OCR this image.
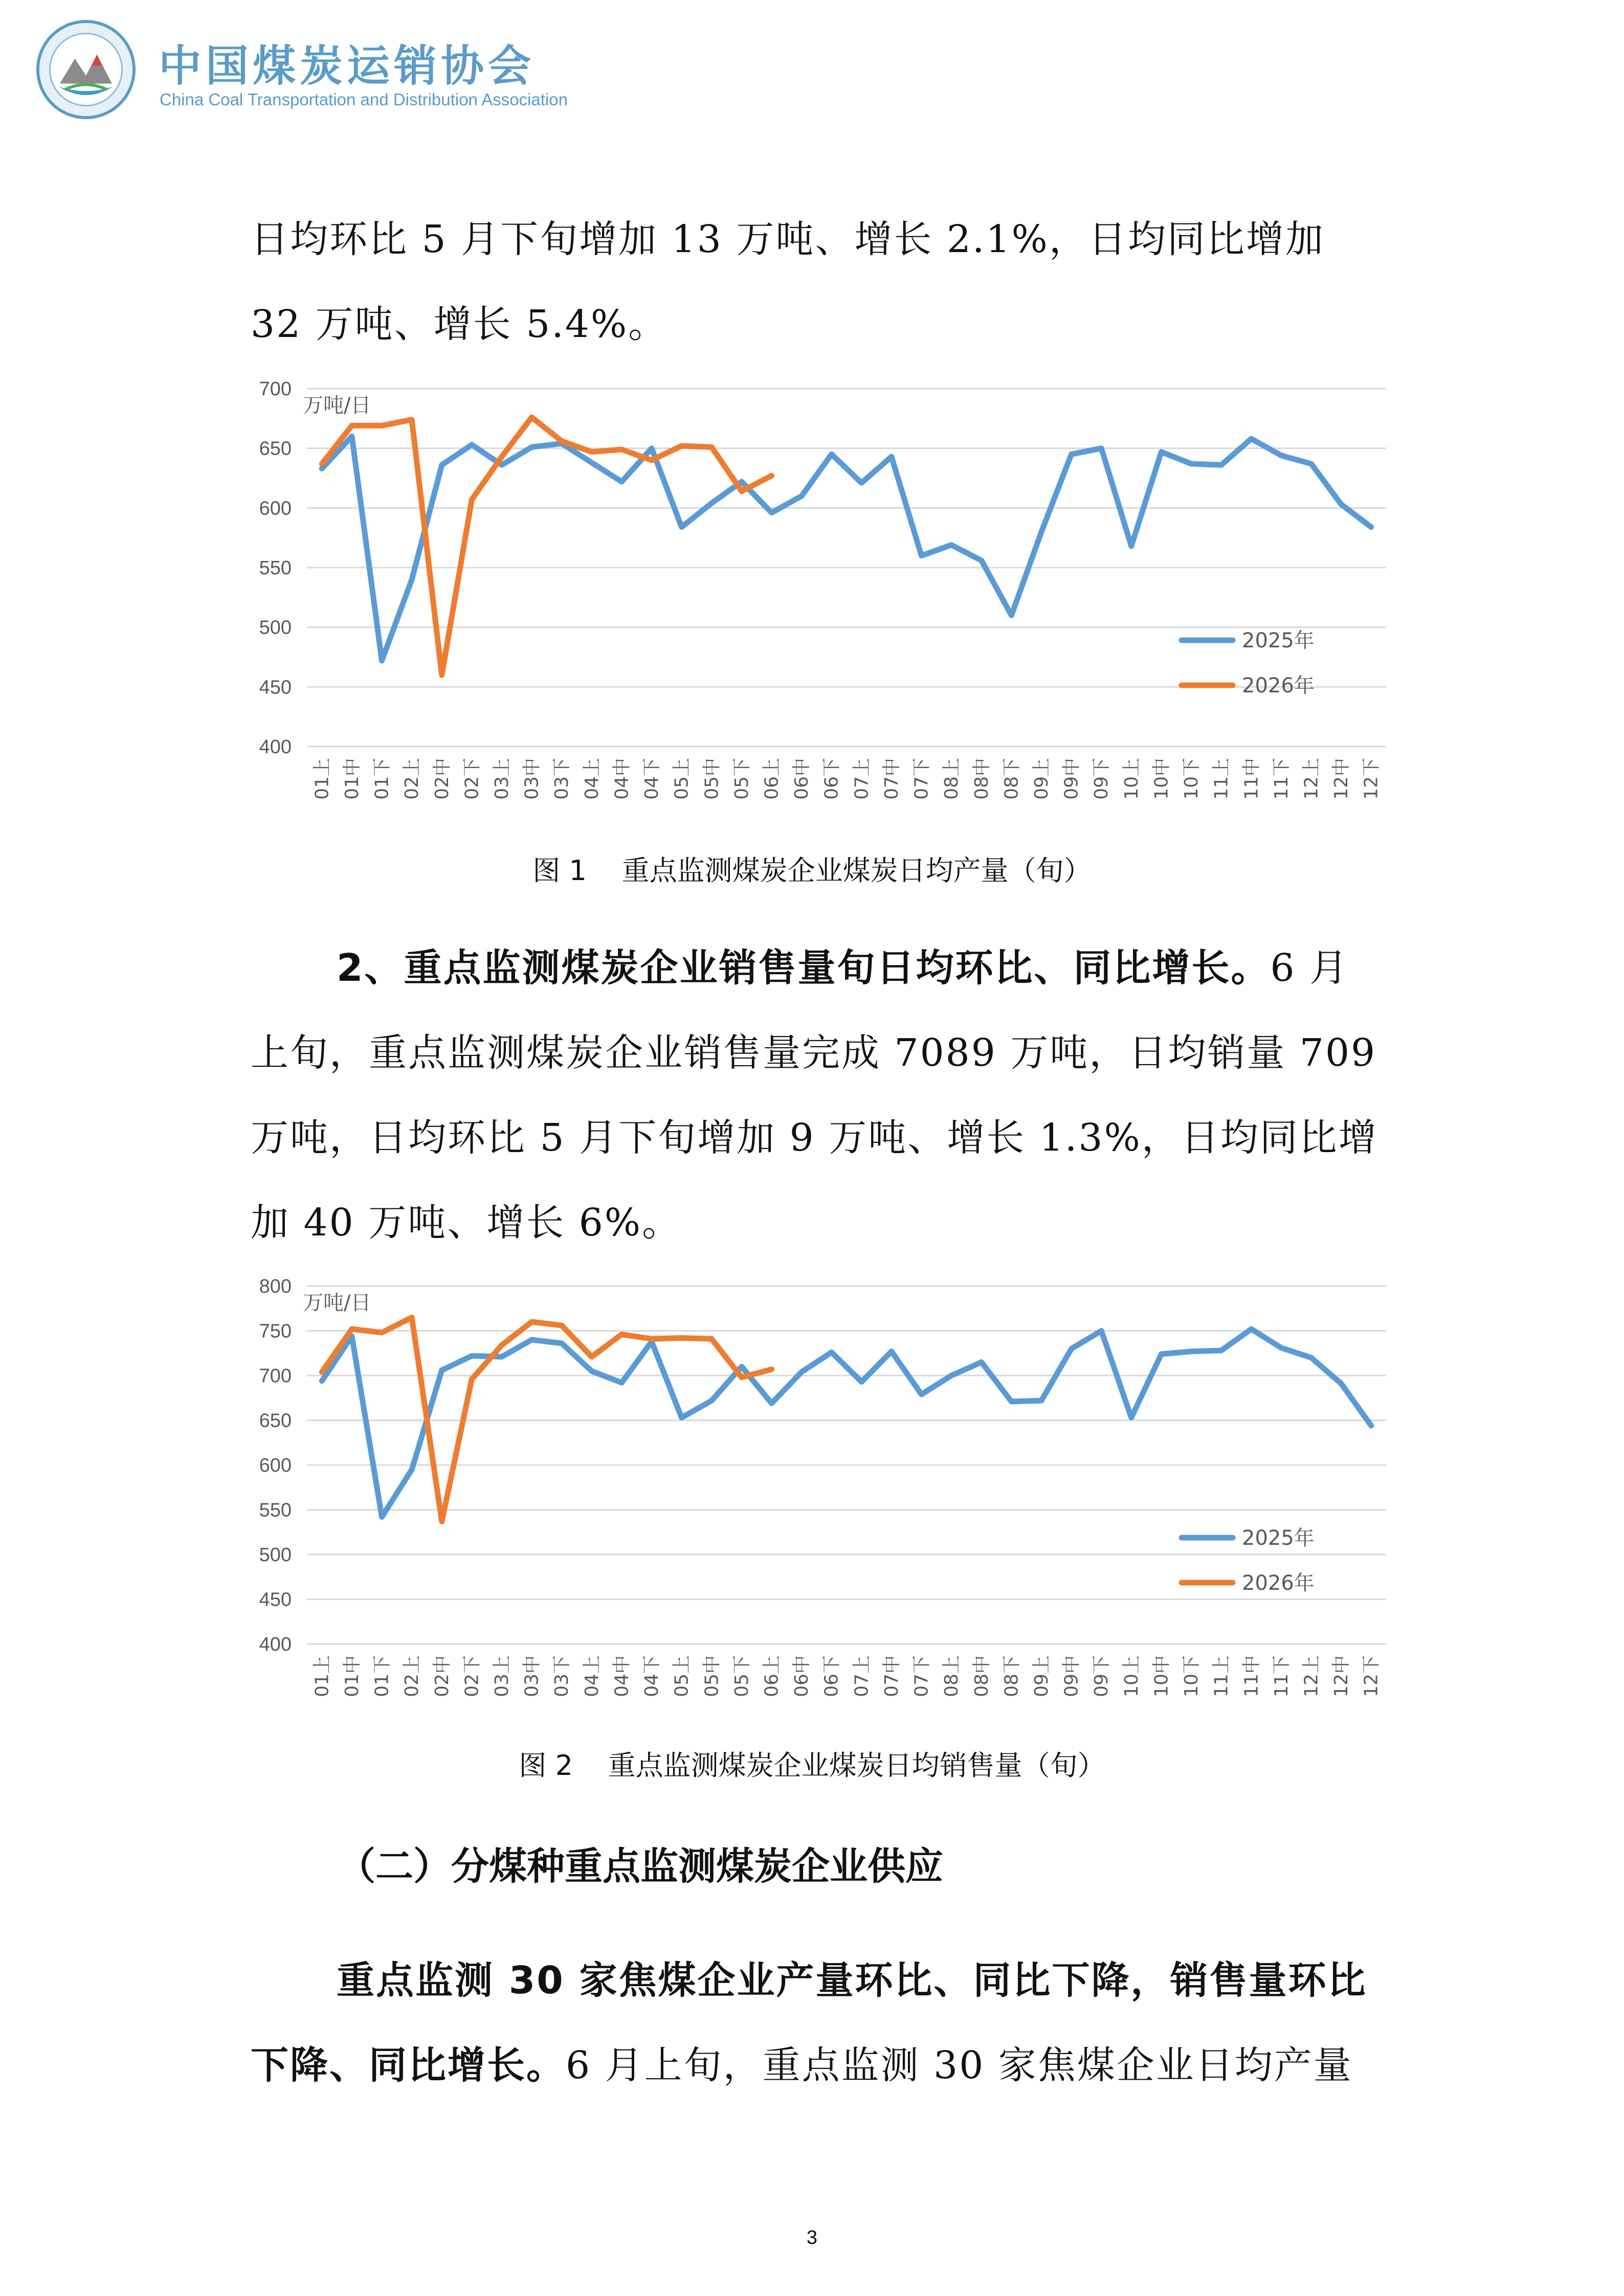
中国煤炭运销协会
China Coal Transportation and Distribution Association
日均环比 5 月下旬增加 13 万吨、增长 2.1%，日均同比增加 32 万吨、增长 5.4%。
400
450
500
550
600
650
700
万吨/日
01上 01中 01下 02上 02中 02下 03上 03中 03下 04上 04中 04下 05上 05中 05下 06上 06中 06下 07上 07中 07下 08上 08中 08下 09上 09中 09下 10上 10中 10下 11上 11中 11下 12上 12中 12下
2025年
2026年
图 1    重点监测煤炭企业煤炭日均产量（旬）
2、重点监测煤炭企业销售量旬日均环比、同比增长。6 月上旬，重点监测煤炭企业销售量完成 7089 万吨，日均销量 709 万吨，日均环比 5 月下旬增加 9 万吨、增长 1.3%，日均同比增加 40 万吨、增长 6%。
400
450
500
550
600
650
700
750
800
万吨/日
01上 01中 01下 02上 02中 02下 03上 03中 03下 04上 04中 04下 05上 05中 05下 06上 06中 06下 07上 07中 07下 08上 08中 08下 09上 09中 09下 10上 10中 10下 11上 11中 11下 12上 12中 12下
2025年
2026年
图 2    重点监测煤炭企业煤炭日均销售量（旬）
（二）分煤种重点监测煤炭企业供应
重点监测 30 家焦煤企业产量环比、同比下降，销售量环比下降、同比增长。6 月上旬，重点监测 30 家焦煤企业日均产量
3
